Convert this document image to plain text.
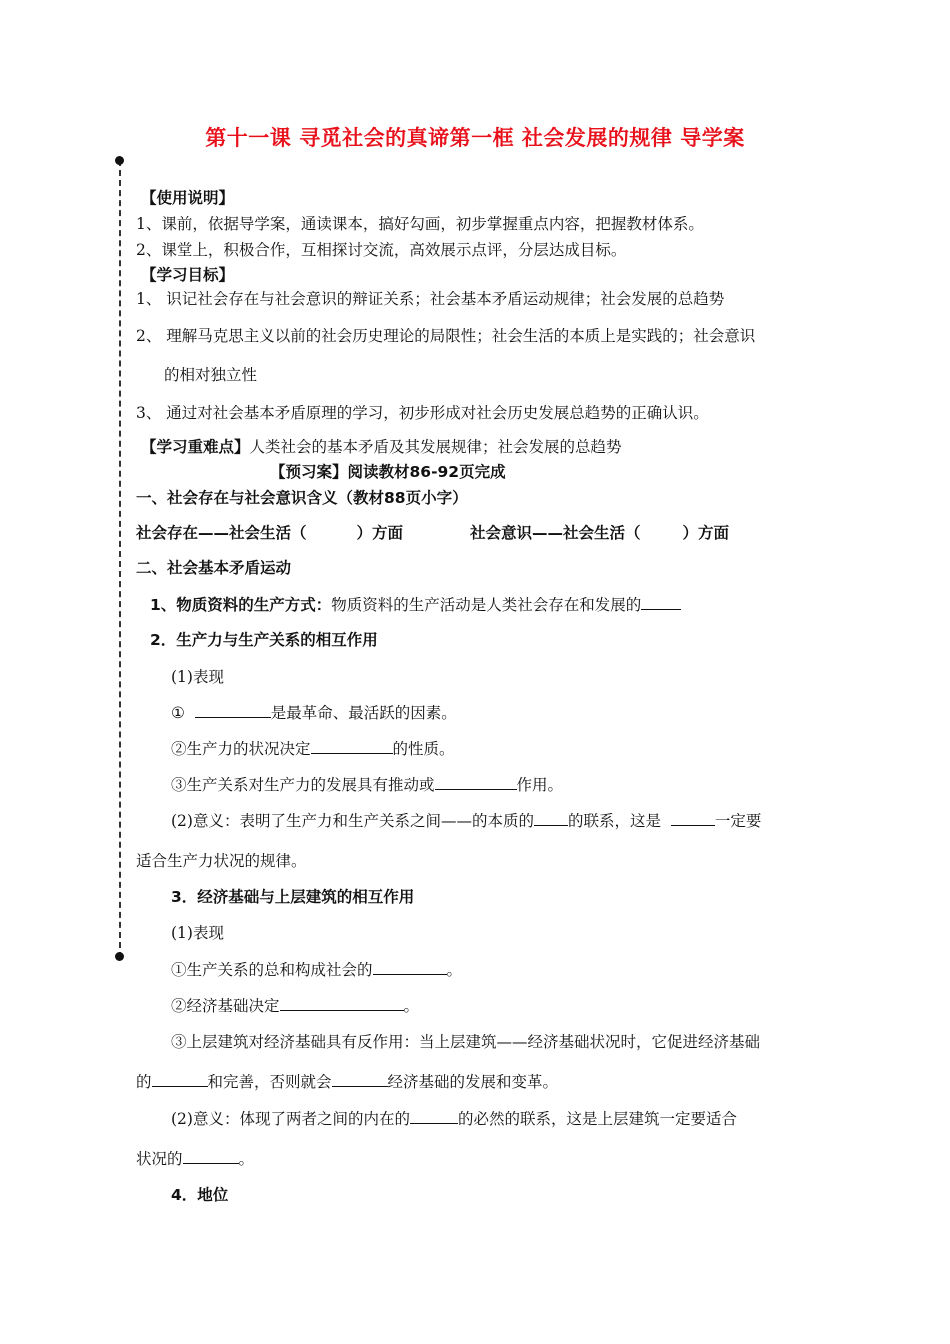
第十一课 寻觅社会的真谛第一框 社会发展的规律 导学案
【使用说明】
1、课前，依据导学案，通读课本，搞好勾画，初步掌握重点内容，把握教材体系。
2、课堂上，积极合作，互相探讨交流，高效展示点评，分层达成目标。
【学习目标】
1、 识记社会存在与社会意识的辩证关系；社会基本矛盾运动规律；社会发展的总趋势
2、 理解马克思主义以前的社会历史理论的局限性；社会生活的本质上是实践的；社会意识
的相对独立性
3、 通过对社会基本矛盾原理的学习，初步形成对社会历史发展总趋势的正确认识。
【学习重难点】人类社会的基本矛盾及其发展规律；社会发展的总趋势
【预习案】阅读教材86-92页完成
一、社会存在与社会意识含义（教材88页小字）
社会存在——社会生活（	）方面	社会意识——社会生活（	）方面
二、社会基本矛盾运动
1、物质资料的生产方式：物质资料的生产活动是人类社会存在和发展的
2．生产力与生产关系的相互作用
(1)表现
①	是最革命、最活跃的因素。
②生产力的状况决定	的性质。
③生产关系对生产力的发展具有推动或	作用。
(2)意义：表明了生产力和生产关系之间——的本质的 的联系，这是	一定要
适合生产力状况的规律。
3．经济基础与上层建筑的相互作用
(1)表现
①生产关系的总和构成社会的	。
②经济基础决定	。
③上层建筑对经济基础具有反作用：当上层建筑——经济基础状况时，它促进经济基础
的	和完善，否则就会	经济基础的发展和变革。
(2)意义：体现了两者之间的内在的	的必然的联系，这是上层建筑一定要适合
状况的	。
4．地位
